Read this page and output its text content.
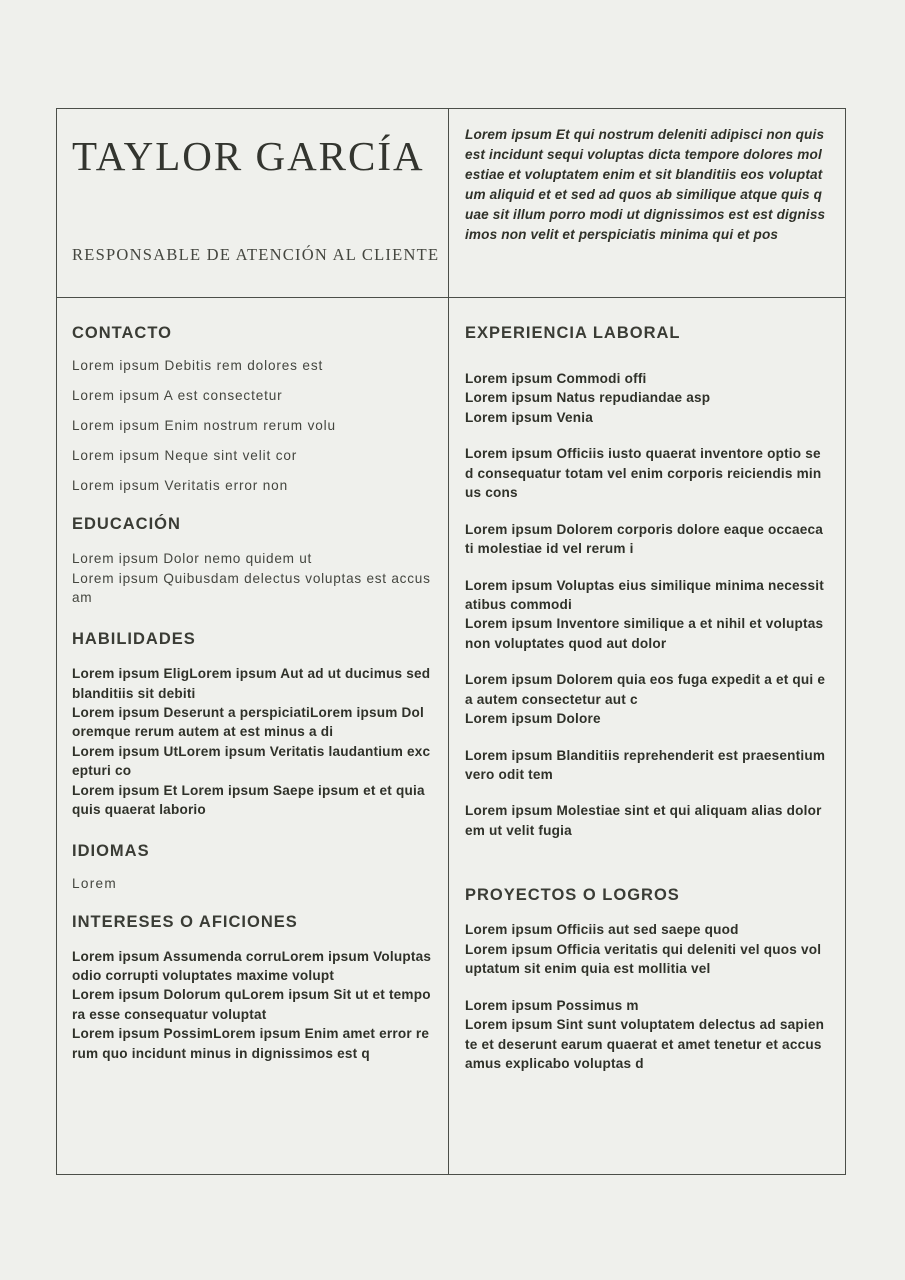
TAYLOR GARCÍA
RESPONSABLE DE ATENCIÓN AL CLIENTE

Lorem ipsum Et qui nostrum deleniti adipisci non quis est incidunt sequi voluptas dicta tempore dolores molestiae et voluptatem enim et sit blanditiis eos voluptatum aliquid et et sed ad quos ab similique atque quis quae sit illum porro modi ut dignissimos est est dignissimos non velit et perspiciatis minima qui et pos

CONTACTO
Lorem ipsum Debitis rem dolores est
Lorem ipsum A est consectetur
Lorem ipsum Enim nostrum rerum volu
Lorem ipsum Neque sint velit cor
Lorem ipsum Veritatis error non
EDUCACIÓN
Lorem ipsum Dolor nemo quidem ut
Lorem ipsum Quibusdam delectus voluptas est accusam
HABILIDADES
Lorem ipsum EligLorem ipsum Aut ad ut ducimus sed blanditiis sit debiti
Lorem ipsum Deserunt a perspiciatiLorem ipsum Doloremque rerum autem at est minus a di
Lorem ipsum UtLorem ipsum Veritatis laudantium excepturi co
Lorem ipsum Et Lorem ipsum Saepe ipsum et et quia quis quaerat laborio
IDIOMAS
Lorem
INTERESES O AFICIONES
Lorem ipsum Assumenda corruLorem ipsum Voluptas odio corrupti voluptates maxime volupt
Lorem ipsum Dolorum quLorem ipsum Sit ut et tempora esse consequatur voluptat
Lorem ipsum PossimLorem ipsum Enim amet error rerum quo incidunt minus in dignissimos est q
EXPERIENCIA LABORAL
Lorem ipsum Commodi offi
Lorem ipsum Natus repudiandae asp
Lorem ipsum Venia
Lorem ipsum Officiis iusto quaerat inventore optio sed consequatur totam vel enim corporis reiciendis minus cons
Lorem ipsum Dolorem corporis dolore eaque occaecati molestiae id vel rerum i
Lorem ipsum Voluptas eius similique minima necessitatibus commodi
Lorem ipsum Inventore similique a et nihil et voluptas non voluptates quod aut dolor
Lorem ipsum Dolorem quia eos fuga expedit a et qui ea autem consectetur aut c
Lorem ipsum Dolore
Lorem ipsum Blanditiis reprehenderit est praesentium vero odit tem
Lorem ipsum Molestiae sint et qui aliquam alias dolorem ut velit fugia
PROYECTOS O LOGROS
Lorem ipsum Officiis aut sed saepe quod
Lorem ipsum Officia veritatis qui deleniti vel quos voluptatum sit enim quia est mollitia vel
Lorem ipsum Possimus m
Lorem ipsum Sint sunt voluptatem delectus ad sapiente et deserunt earum quaerat et amet tenetur et accusamus explicabo voluptas d
